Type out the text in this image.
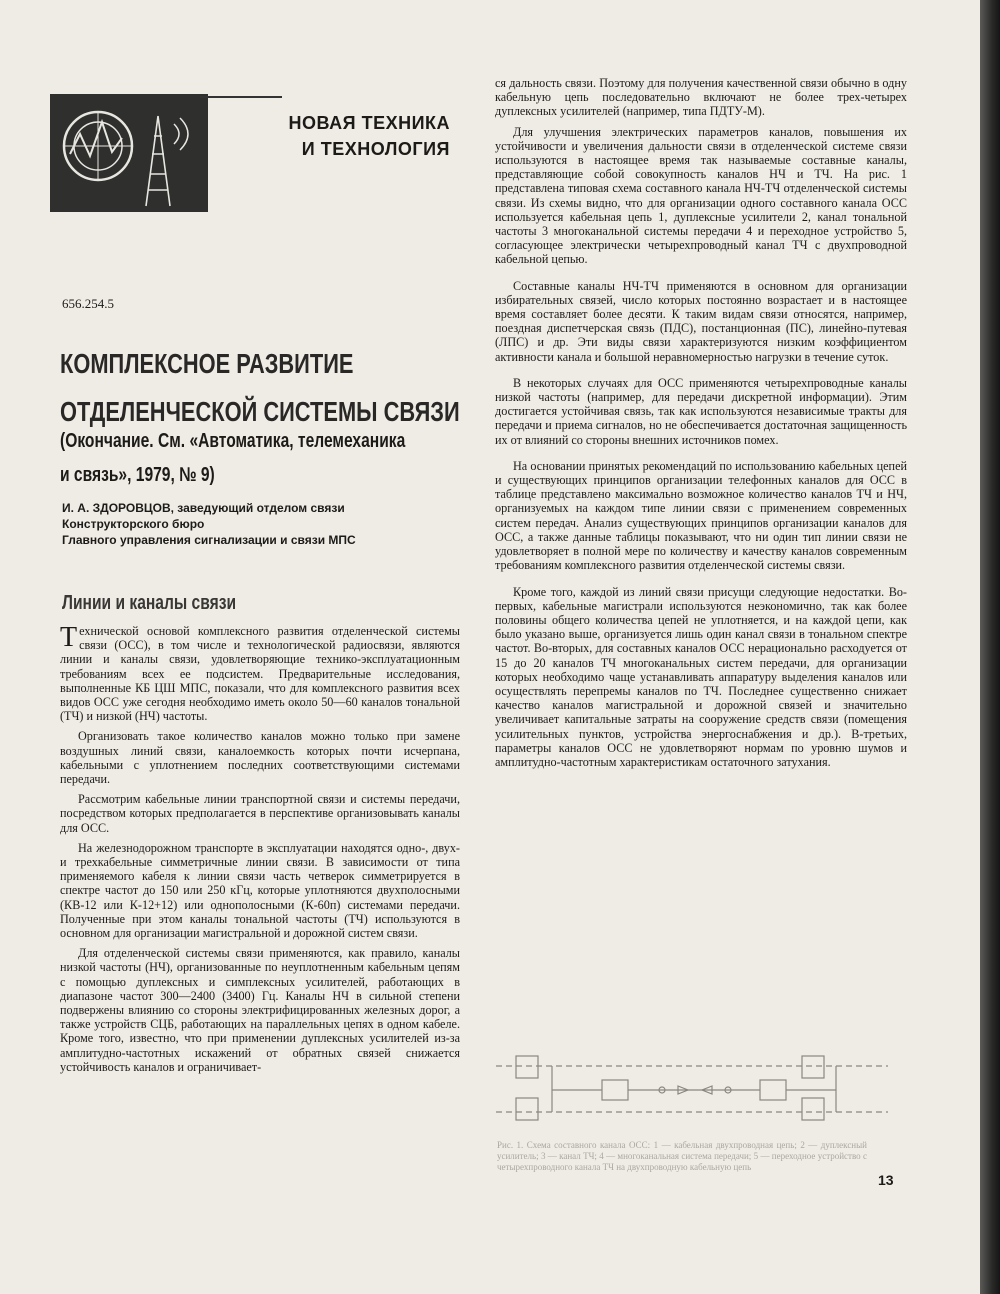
НОВАЯ ТЕХНИКА
И ТЕХНОЛОГИЯ
656.254.5
КОМПЛЕКСНОЕ РАЗВИТИЕ
ОТДЕЛЕНЧЕСКОЙ СИСТЕМЫ СВЯЗИ
(Окончание. См. «Автоматика, телемеханика
и связь», 1979, № 9)
И. А. ЗДОРОВЦОВ, заведующий отделом связи
Конструкторского бюро
Главного управления сигнализации и связи МПС
Линии и каналы связи

Технической основой комплексного развития отделенческой системы связи (ОСС), в том числе и технологической радиосвязи, являются линии и каналы связи, удовлетворяющие технико-эксплуатационным требованиям всех ее подсистем. Предварительные исследования, выполненные КБ ЦШ МПС, показали, что для комплексного развития всех видов ОСС уже сегодня необходимо иметь около 50—60 каналов тональной (ТЧ) и низкой (НЧ) частоты.

Организовать такое количество каналов можно только при замене воздушных линий связи, каналоемкость которых почти исчерпана, кабельными с уплотнением последних соответствующими системами передачи.

Рассмотрим кабельные линии транспортной связи и системы передачи, посредством которых предполагается в перспективе организовывать каналы для ОСС.

На железнодорожном транспорте в эксплуатации находятся одно-, двух- и трехкабельные симметричные линии связи. В зависимости от типа применяемого кабеля к линии связи часть четверок симметрируется в спектре частот до 150 или 250 кГц, которые уплотняются двухполосными (КВ-12 или К-12+12) или однополосными (К-60п) системами передачи. Полученные при этом каналы тональной частоты (ТЧ) используются в основном для организации магистральной и дорожной систем связи.

Для отделенческой системы связи применяются, как правило, каналы низкой частоты (НЧ), организованные по неуплотненным кабельным цепям с помощью дуплексных и симплексных усилителей, работающих в диапазоне частот 300—2400 (3400) Гц. Каналы НЧ в сильной степени подвержены влиянию со стороны электрифицированных железных дорог, а также устройств СЦБ, работающих на параллельных цепях в одном кабеле. Кроме того, известно, что при применении дуплексных усилителей из-за амплитудно-частотных искажений от обратных связей снижается устойчивость каналов и ограничивает-

ся дальность связи. Поэтому для получения качественной связи обычно в одну кабельную цепь последовательно включают не более трех-четырех дуплексных усилителей (например, типа ПДТУ-М).

Для улучшения электрических параметров каналов, повышения их устойчивости и увеличения дальности связи в отделенческой системе связи используются в настоящее время так называемые составные каналы, представляющие собой совокупность каналов НЧ и ТЧ. На рис. 1 представлена типовая схема составного канала НЧ-ТЧ отделенческой системы связи. Из схемы видно, что для организации одного составного канала ОСС используется кабельная цепь 1, дуплексные усилители 2, канал тональной частоты 3 многоканальной системы передачи 4 и переходное устройство 5, согласующее электрически четырехпроводный канал ТЧ с двухпроводной кабельной цепью.

Составные каналы НЧ-ТЧ применяются в основном для организации избирательных связей, число которых постоянно возрастает и в настоящее время составляет более десяти. К таким видам связи относятся, например, поездная диспетчерская связь (ПДС), постанционная (ПС), линейно-путевая (ЛПС) и др. Эти виды связи характеризуются низким коэффициентом активности канала и большой неравномерностью нагрузки в течение суток.

В некоторых случаях для ОСС применяются четырехпроводные каналы низкой частоты (например, для передачи дискретной информации). Этим достигается устойчивая связь, так как используются независимые тракты для передачи и приема сигналов, но не обеспечивается достаточная защищенность их от влияний со стороны внешних источников помех.

На основании принятых рекомендаций по использованию кабельных цепей и существующих принципов организации телефонных каналов для ОСС в таблице представлено максимально возможное количество каналов ТЧ и НЧ, организуемых на каждом типе линии связи с применением современных систем передач. Анализ существующих принципов организации каналов для ОСС, а также данные таблицы показывают, что ни один тип линии связи не удовлетворяет в полной мере по количеству и качеству каналов современным требованиям комплексного развития отделенческой системы связи.

Кроме того, каждой из линий связи присущи следующие недостатки. Во-первых, кабельные магистрали используются неэкономично, так как более половины общего количества цепей не уплотняется, и на каждой цепи, как было указано выше, организуется лишь один канал связи в тональном спектре частот. Во-вторых, для составных каналов ОСС нерационально расходуется от 15 до 20 каналов ТЧ многоканальных систем передачи, для организации которых необходимо чаще устанавливать аппаратуру выделения каналов или осуществлять перепремы каналов по ТЧ. Последнее существенно снижает качество каналов магистральной и дорожной связей и значительно увеличивает капитальные затраты на сооружение средств связи (помещения усилительных пунктов, устройства энергоснабжения и др.). В-третьих, параметры каналов ОСС не удовлетворяют нормам по уровню шумов и амплитудно-частотным характеристикам остаточного затухания.

Рис. 1. Схема составного канала ОСС: 1 — кабельная двухпроводная цепь; 2 — дуплексный усилитель; 3 — канал ТЧ; 4 — многоканальная система передачи; 5 — переходное устройство с четырехпроводного канала ТЧ на двухпроводную кабельную цепь
13
